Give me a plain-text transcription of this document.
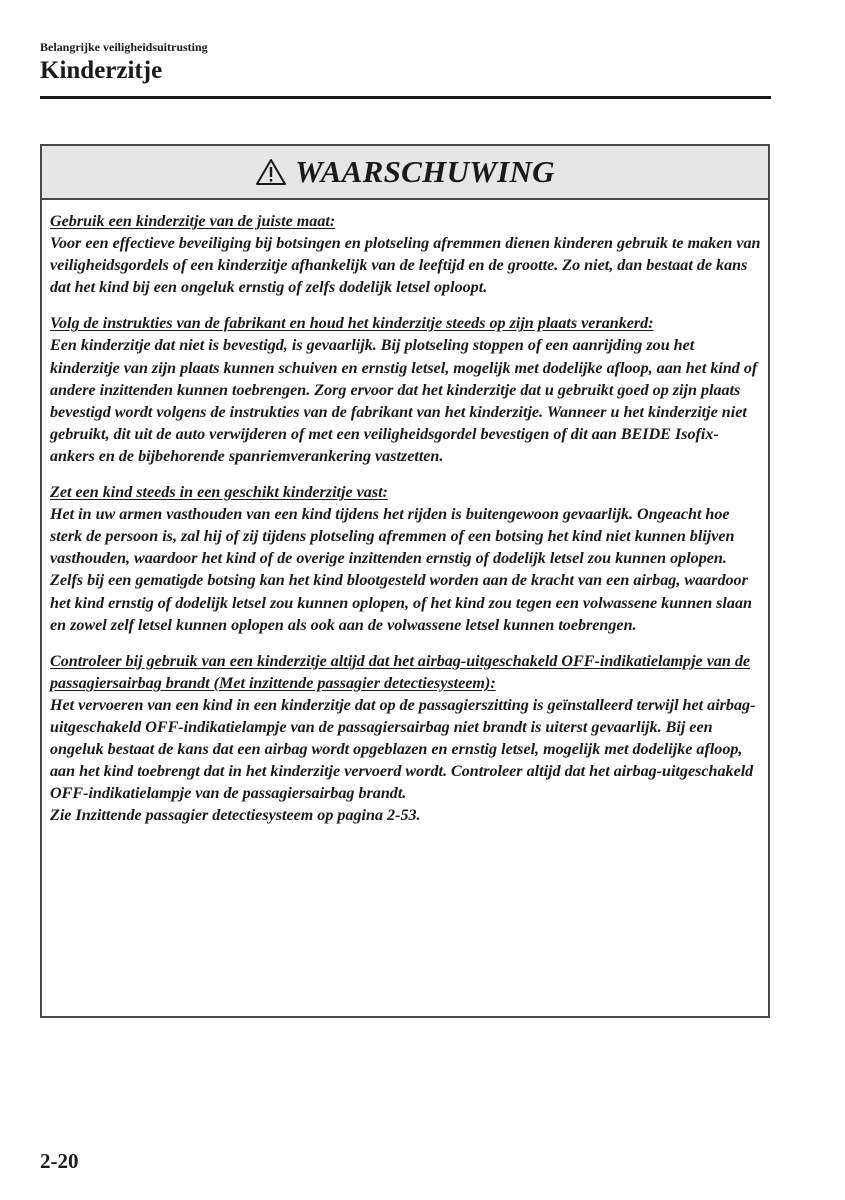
Belangrijke veiligheidsuitrusting
Kinderzitje
WAARSCHUWING
Gebruik een kinderzitje van de juiste maat:
Voor een effectieve beveiliging bij botsingen en plotseling afremmen dienen kinderen gebruik te maken van veiligheidsgordels of een kinderzitje afhankelijk van de leeftijd en de grootte. Zo niet, dan bestaat de kans dat het kind bij een ongeluk ernstig of zelfs dodelijk letsel oploopt.
Volg de instrukties van de fabrikant en houd het kinderzitje steeds op zijn plaats verankerd:
Een kinderzitje dat niet is bevestigd, is gevaarlijk. Bij plotseling stoppen of een aanrijding zou het kinderzitje van zijn plaats kunnen schuiven en ernstig letsel, mogelijk met dodelijke afloop, aan het kind of andere inzittenden kunnen toebrengen. Zorg ervoor dat het kinderzitje dat u gebruikt goed op zijn plaats bevestigd wordt volgens de instrukties van de fabrikant van het kinderzitje. Wanneer u het kinderzitje niet gebruikt, dit uit de auto verwijderen of met een veiligheidsgordel bevestigen of dit aan BEIDE Isofix-ankers en de bijbehorende spanriemverankering vastzetten.
Zet een kind steeds in een geschikt kinderzitje vast:
Het in uw armen vasthouden van een kind tijdens het rijden is buitengewoon gevaarlijk. Ongeacht hoe sterk de persoon is, zal hij of zij tijdens plotseling afremmen of een botsing het kind niet kunnen blijven vasthouden, waardoor het kind of de overige inzittenden ernstig of dodelijk letsel zou kunnen oplopen. Zelfs bij een gematigde botsing kan het kind blootgesteld worden aan de kracht van een airbag, waardoor het kind ernstig of dodelijk letsel zou kunnen oplopen, of het kind zou tegen een volwassene kunnen slaan en zowel zelf letsel kunnen oplopen als ook aan de volwassene letsel kunnen toebrengen.
Controleer bij gebruik van een kinderzitje altijd dat het airbag-uitgeschakeld OFF-indikatielampje van de passagiersairbag brandt (Met inzittende passagier detectiesysteem):
Het vervoeren van een kind in een kinderzitje dat op de passagierszitting is geïnstalleerd terwijl het airbag-uitgeschakeld OFF-indikatielampje van de passagiersairbag niet brandt is uiterst gevaarlijk. Bij een ongeluk bestaat de kans dat een airbag wordt opgeblazen en ernstig letsel, mogelijk met dodelijke afloop, aan het kind toebrengt dat in het kinderzitje vervoerd wordt. Controleer altijd dat het airbag-uitgeschakeld OFF-indikatielampje van de passagiersairbag brandt.
Zie Inzittende passagier detectiesysteem op pagina 2-53.
2-20
